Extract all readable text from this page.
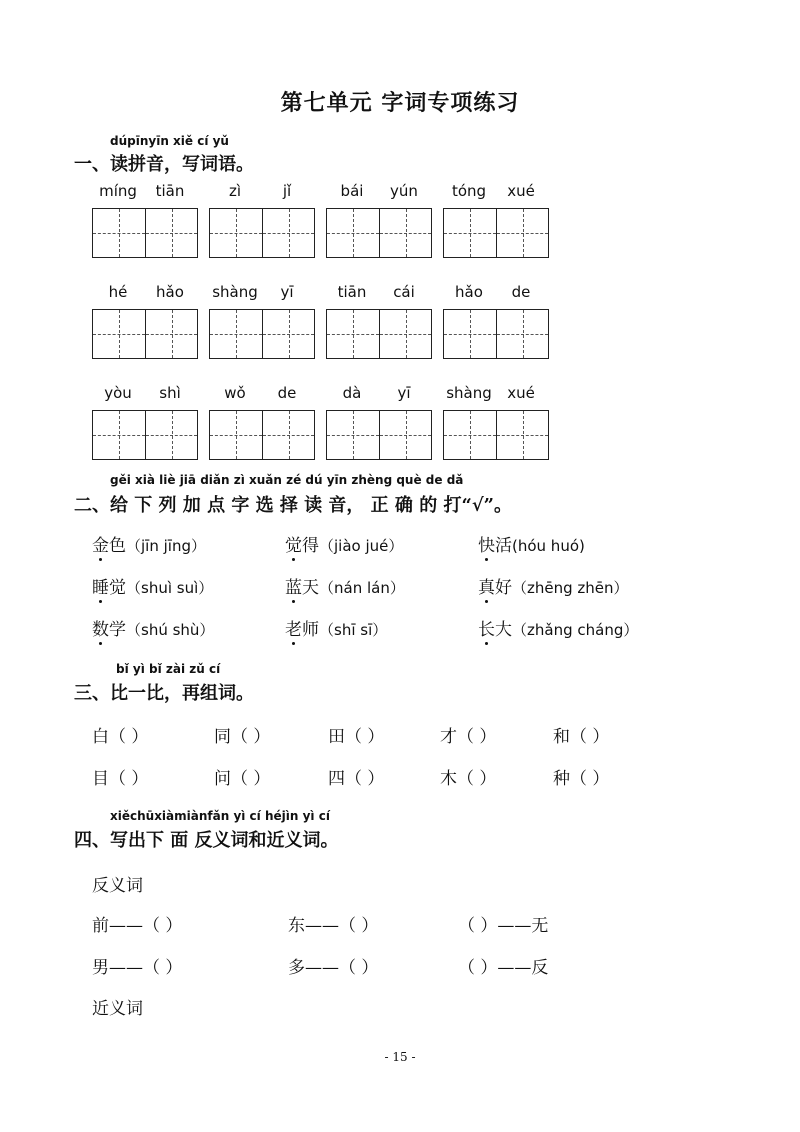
第七单元 字词专项练习
dúpīnyīn xiě cí yǔ
一、读拼音，写词语。
míng	tiān	zì	jǐ	bái	yún	tóng	xué
hé	hǎo	shàng	yī	tiān	cái	hǎo	de
yòu	shì	wǒ	de	dà	yī	shàng	xué
gěi xià liè jiā diǎn zì xuǎn zé dú yīn zhèng què de dǎ
二、给 下 列 加 点 字 选 择 读 音， 正 确 的 打“√”。
金色（jīn jīng）	觉得（jiào jué）	快活(hóu huó)
睡觉（shuì suì）	蓝天（nán lán）	真好（zhēng zhēn）
数学（shú shù）	老师（shī sī）	长大（zhǎng cháng）
bǐ yì bǐ zài zǔ cí
三、比一比，再组词。
白（ ）	同（ ）	田（ ）	才（ ）	和（ ）
目（ ）	问（ ）	四（ ）	木（ ）	种（ ）
xiěchūxiàmiànfǎn yì cí héjìn yì cí
四、写出下 面 反义词和近义词。
反义词
前——（ ）	东——（ ）	（ ）——无
男——（ ）	多——（ ）	（ ）——反
近义词
- 15 -
